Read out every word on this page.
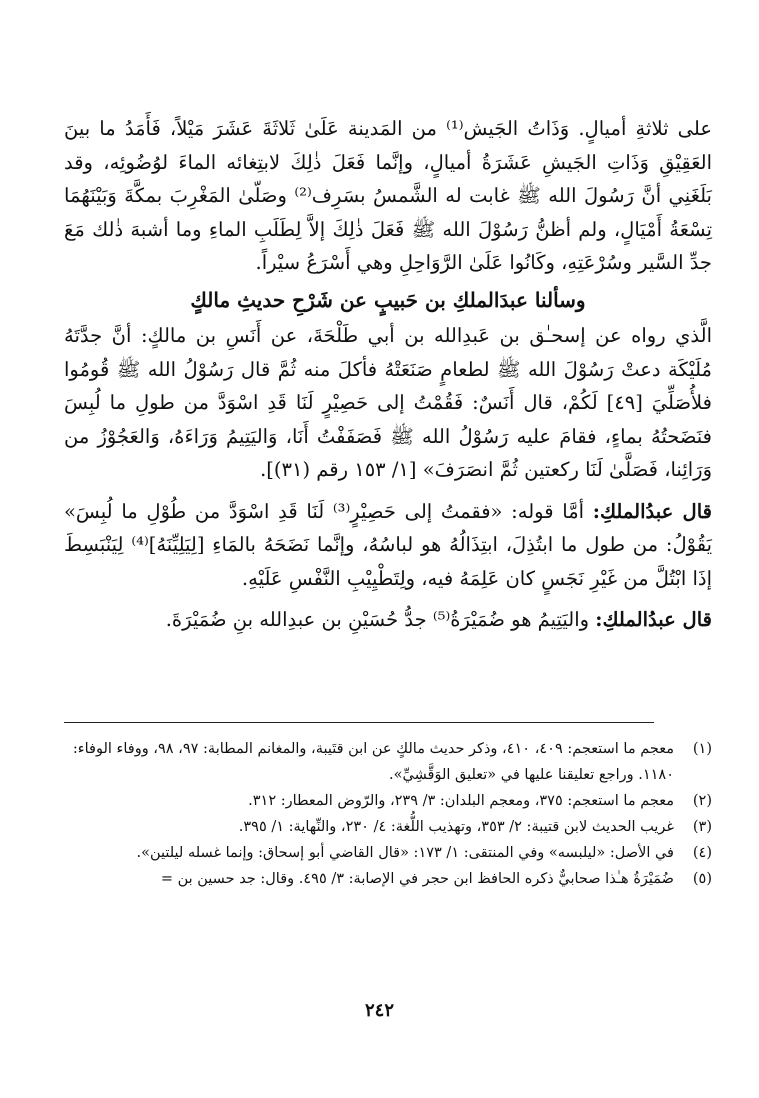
على ثلاثةِ أميالٍ. وَذَاتُ الجَيش⁽¹⁾ من المَدينة عَلَىٰ ثَلاثَةَ عَشَرَ مَيْلاً، فَأَمَدُ ما بينَ العَقِيْقِ وَذَاتِ الجَيشِ عَشَرَةُ أميالٍ، وإنَّما فَعَلَ ذٰلِكَ لابتِغائه الماءَ لوُضُوئِه، وقد بَلَغَنِي أنَّ رَسُولَ الله ﷺ غابت له الشَّمسُ بسَرِف⁽²⁾ وصَلّىٰ المَغْرِبَ بمكَّةَ وَبَيْنَهُمَا تِسْعَةُ أَمْيَالٍ، ولم أظنُّ رَسُوْلَ الله ﷺ فَعَلَ ذٰلِكَ إلاَّ لِطَلَبِ الماءِ وما أشبهَ ذٰلك مَعَ جدِّ السَّير وسُرْعَتِهِ، وكَانُوا عَلَىٰ الرَّوَاحِلِ وهي أَسْرَعُ سيْراً.

وسألنا عبدَالملكِ بن حَبيبٍ عن شَرْحِ حديثِ مالكٍ

الَّذي رواه عن إسحـٰق بن عَبدِالله بن أبي طَلْحَةَ، عن أَنَسِ بن مالكٍ: أنَّ جدَّتَهُ مُلَيْكَة دعتْ رَسُوْلَ الله ﷺ لطعامٍ صَنَعَتْهُ فأكلَ منه ثُمَّ قال رَسُوْلُ الله ﷺ قُومُوا فلأُصَلِّيَ [٤٩] لَكُمْ، قال أَنَسٌ: فَقُمْتُ إلى حَصِيْرٍ لَنَا قَدِ اسْوَدَّ من طولِ ما لُبِسَ فنَضَحتُهُ بماءٍ، فقامَ عليه رَسُوْلُ الله ﷺ فَصَفَفْتُ أَنَا، وَاليَتِيمُ وَرَاءَهُ، وَالعَجُوْزُ من وَرَائِنا، فَصَلَّىٰ لَنَا ركعتين ثُمَّ انصَرَفَ» [١/ ١٥٣ رقم (٣١)].

قال عبدُالملكِ: أمَّا قوله: «فقمتُ إلى حَصِيْرٍ⁽³⁾ لَنَا قَدِ اسْوَدَّ من طُوْلِ ما لُبِسَ» يَقُوْلُ: من طول ما ابتُذِلَ، ابتِذَالُهُ هو لباسُهُ، وإنَّما نَضَحَهُ بالمَاءِ [لِيَلِيِّنَهُ]⁽⁴⁾ لِيَنْبَسِطَ إذَا ابْتُلَّ من غَيْرِ نَجَسٍ كان عَلِمَهُ فيه، ولِتَطْيِيْبِ النَّفْسِ عَلَيْهِ.

قال عبدُالملكِ: واليَتِيمُ هو ضُمَيْرَةُ⁽⁵⁾ جدُّ حُسَيْنِ بن عبدِالله بنِ ضُمَيْرَةَ.

(١)
معجم ما استعجم: ٤٠٩، ٤١٠، وذكر حديث مالكٍ عن ابن قتَيبة، والمغانم المطابة: ٩٧، ٩٨، ووفاء الوفاء: ١١٨٠. وراجع تعليقنا عليها في «تعليق الوَقَّشِيِّ».
(٢)
معجم ما استعجم: ٣٧٥، ومعجم البلدان: ٣/ ٢٣٩، والرّوض المعطار: ٣١٢.
(٣)
غريب الحديث لابن قتيبة: ٢/ ٣٥٣، وتهذيب اللُّغة: ٤/ ٢٣٠، والنِّهاية: ١/ ٣٩٥.
(٤)
في الأصل: «ليلبسه» وفي المنتقى: ١/ ١٧٣: «قال القاضي أبو إسحاق: وإنما غسله ليلتين».
(٥)
ضُمَيْرَةُ هـٰذا صحابيٌّ ذكره الحافظ ابن حجر في الإصابة: ٣/ ٤٩٥. وقال: جد حسين بن =
٢٤٢
